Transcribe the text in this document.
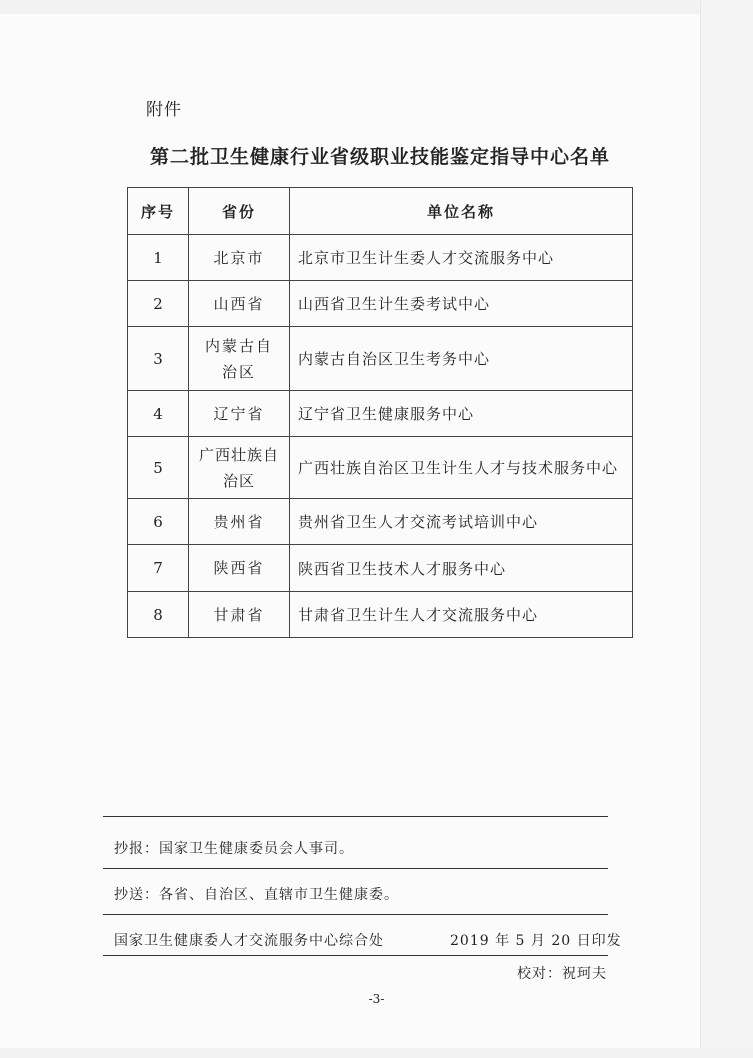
附件
第二批卫生健康行业省级职业技能鉴定指导中心名单
序号	省份	单位名称
1	北京市	北京市卫生计生委人才交流服务中心
2	山西省	山西省卫生计生委考试中心
3	内蒙古自治区	内蒙古自治区卫生考务中心
4	辽宁省	辽宁省卫生健康服务中心
5	广西壮族自治区	广西壮族自治区卫生计生人才与技术服务中心
6	贵州省	贵州省卫生人才交流考试培训中心
7	陕西省	陕西省卫生技术人才服务中心
8	甘肃省	甘肃省卫生计生人才交流服务中心
抄报：国家卫生健康委员会人事司。
抄送：各省、自治区、直辖市卫生健康委。
国家卫生健康委人才交流服务中心综合处	2019 年 5 月 20 日印发
校对：祝珂夫
-3-
